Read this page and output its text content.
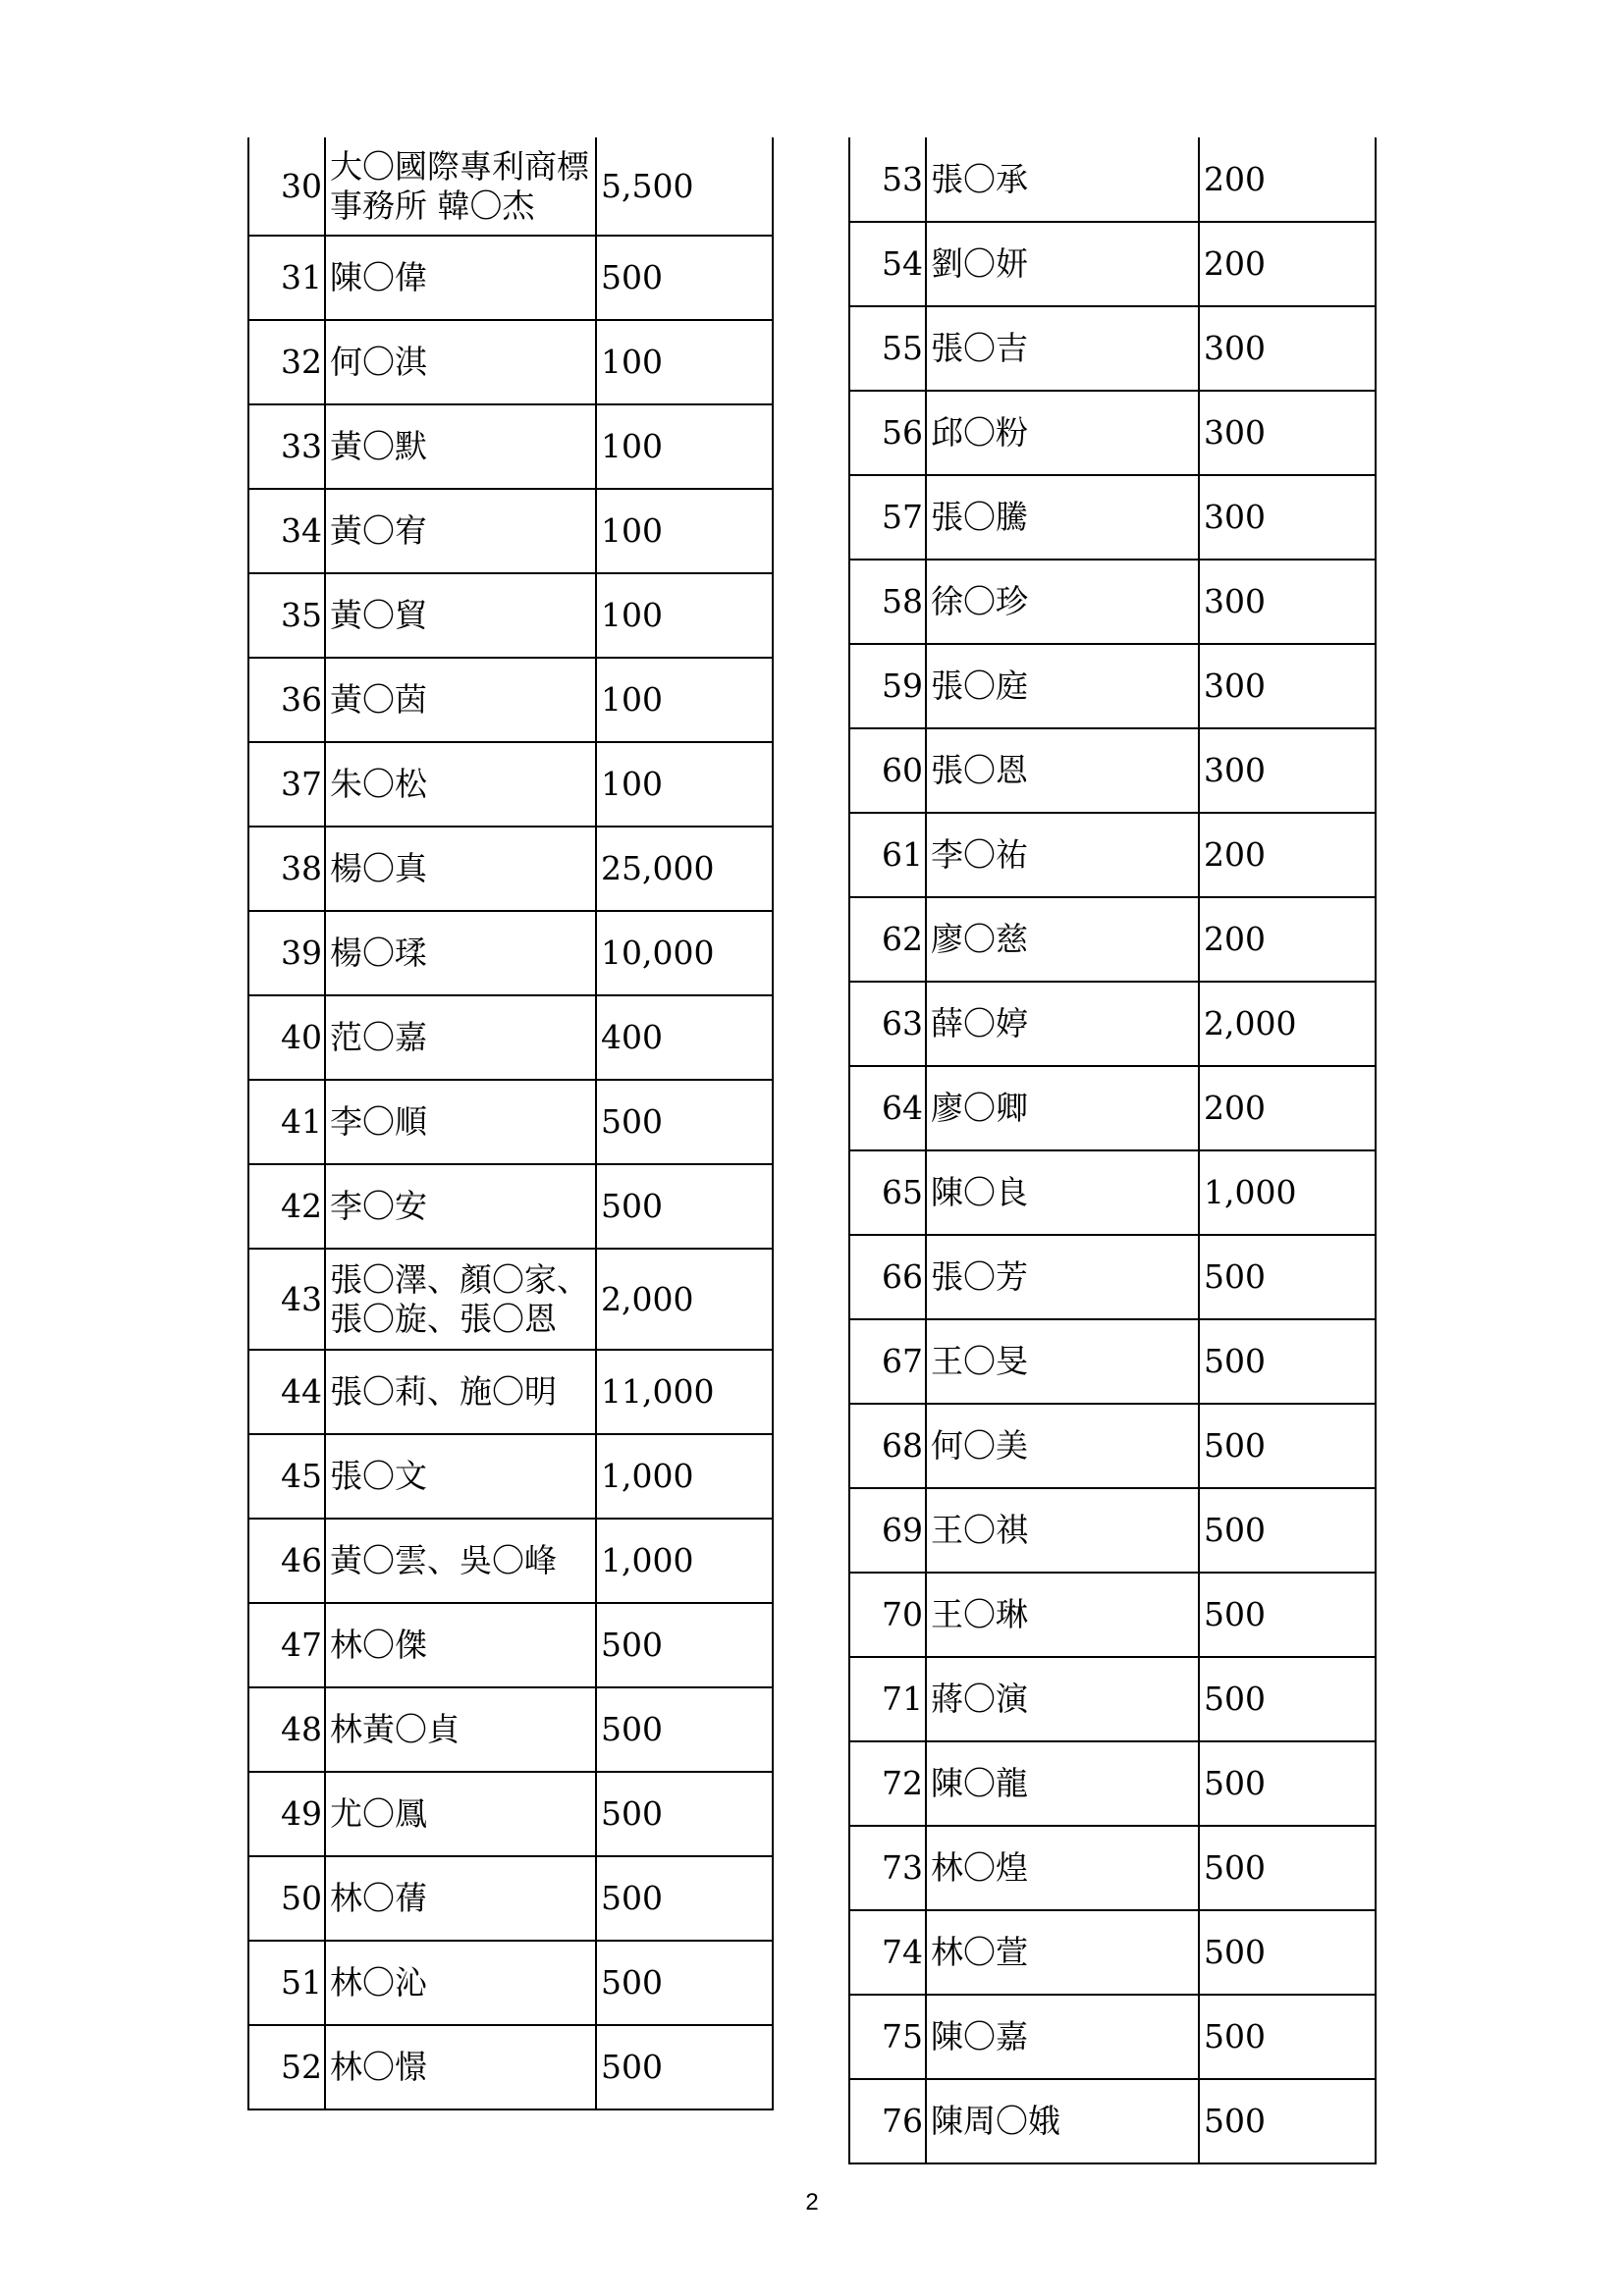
30	大〇國際專利商標事務所 韓〇杰	5,500
31	陳〇偉	500
32	何〇淇	100
33	黃〇默	100
34	黃〇宥	100
35	黃〇貿	100
36	黃〇茵	100
37	朱〇松	100
38	楊〇真	25,000
39	楊〇瑈	10,000
40	范〇嘉	400
41	李〇順	500
42	李〇安	500
43	張〇澤、顏〇家、張〇旋、張〇恩	2,000
44	張〇莉、施〇明	11,000
45	張〇文	1,000
46	黃〇雲、吳〇峰	1,000
47	林〇傑	500
48	林黃〇貞	500
49	尤〇鳳	500
50	林〇蒨	500
51	林〇沁	500
52	林〇憬	500
53	張〇承	200
54	劉〇妍	200
55	張〇吉	300
56	邱〇粉	300
57	張〇騰	300
58	徐〇珍	300
59	張〇庭	300
60	張〇恩	300
61	李〇祐	200
62	廖〇慈	200
63	薛〇婷	2,000
64	廖〇卿	200
65	陳〇良	1,000
66	張〇芳	500
67	王〇旻	500
68	何〇美	500
69	王〇祺	500
70	王〇琳	500
71	蔣〇演	500
72	陳〇龍	500
73	林〇煌	500
74	林〇萱	500
75	陳〇嘉	500
76	陳周〇娥	500
2
